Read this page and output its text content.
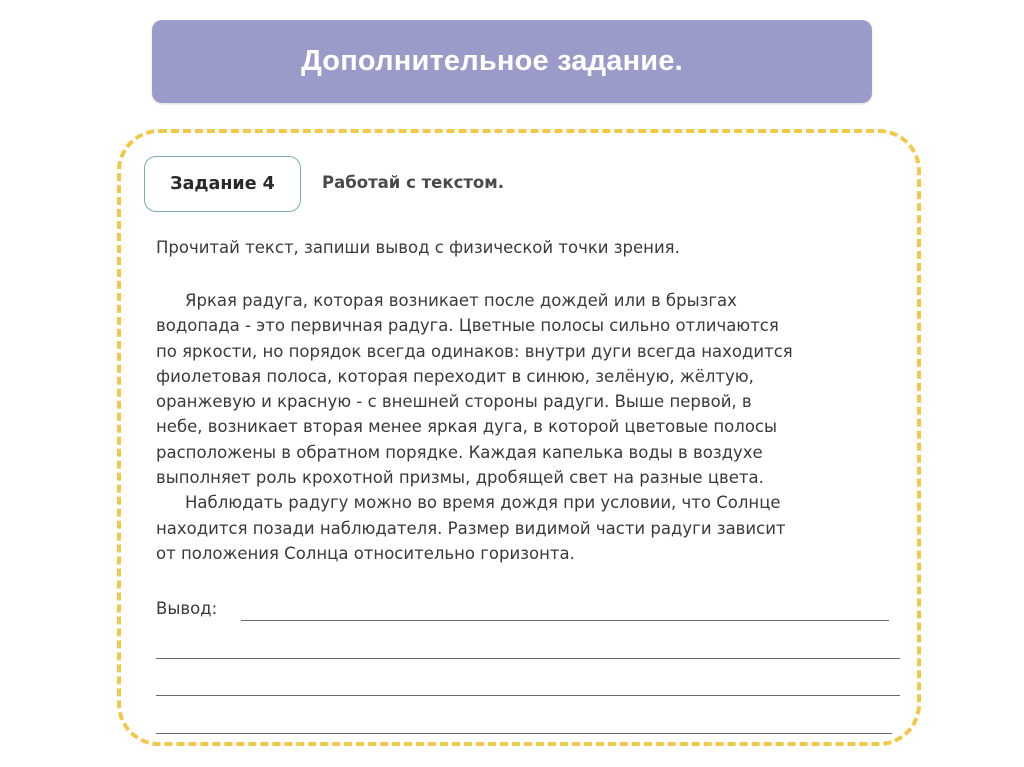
Дополнительное задание.
Задание 4	Работай с текстом.
Прочитай текст, запиши вывод с физической точки зрения.
Яркая радуга, которая возникает после дождей или в брызгах
водопада - это первичная радуга. Цветные полосы сильно отличаются
по яркости, но порядок всегда одинаков: внутри дуги всегда находится
фиолетовая полоса, которая переходит в синюю, зелёную, жёлтую,
оранжевую и красную - с внешней стороны радуги. Выше первой, в
небе, возникает вторая менее яркая дуга, в которой цветовые полосы
расположены в обратном порядке. Каждая капелька воды в воздухе
выполняет роль крохотной призмы, дробящей свет на разные цвета.
Наблюдать радугу можно во время дождя при условии, что Солнце
находится позади наблюдателя. Размер видимой части радуги зависит
от положения Солнца относительно горизонта.
Вывод:
